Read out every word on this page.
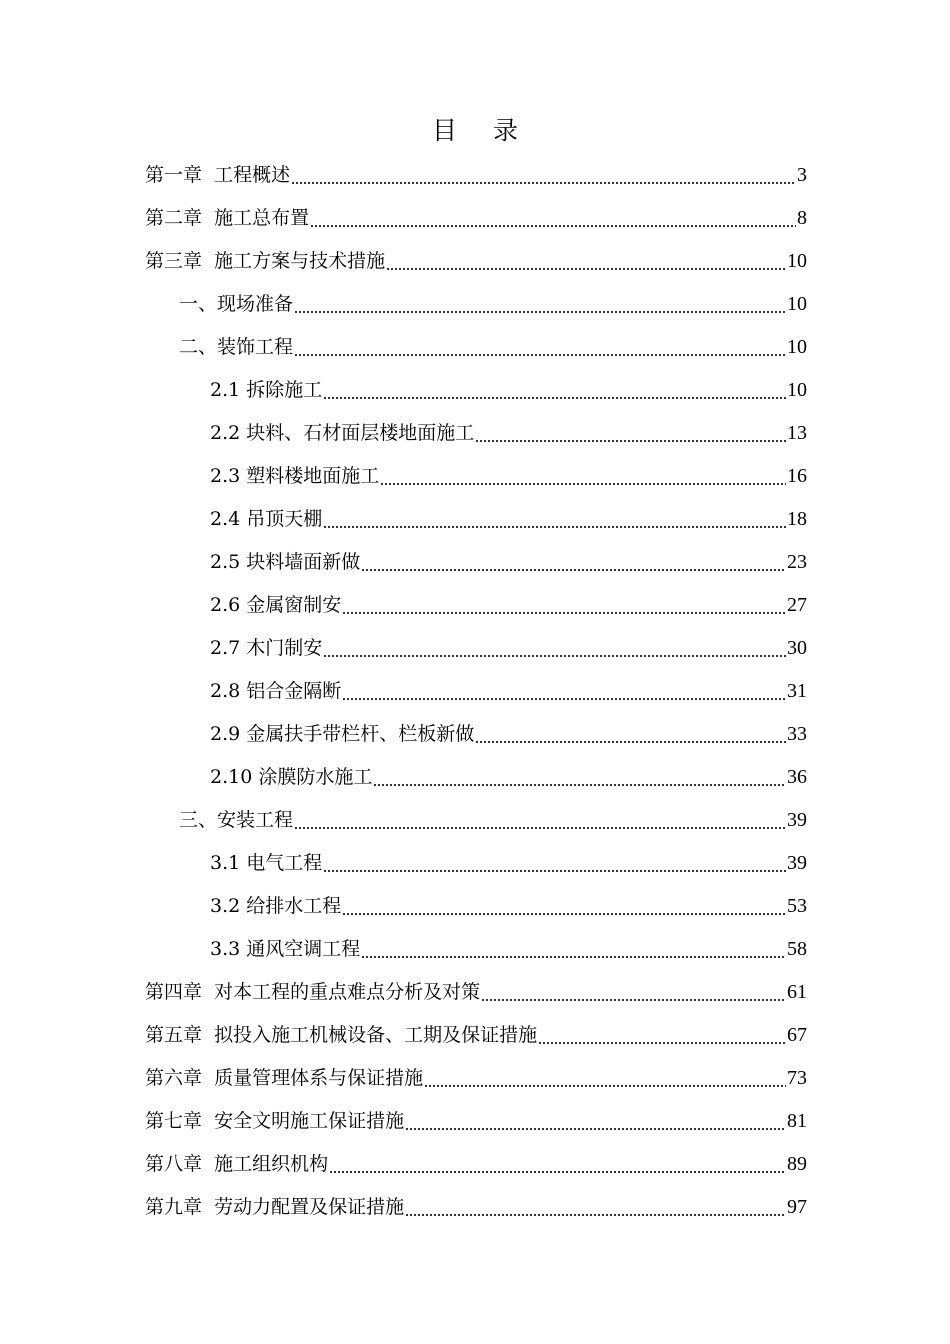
目 录
第一章  工程概述	3
第二章  施工总布置	8
第三章  施工方案与技术措施	10
一、现场准备	10
二、装饰工程	10
2.1 拆除施工	10
2.2 块料、石材面层楼地面施工	13
2.3 塑料楼地面施工	16
2.4 吊顶天棚	18
2.5 块料墙面新做	23
2.6 金属窗制安	27
2.7 木门制安	30
2.8 铝合金隔断	31
2.9 金属扶手带栏杆、栏板新做	33
2.10 涂膜防水施工	36
三、安装工程	39
3.1 电气工程	39
3.2 给排水工程	53
3.3 通风空调工程	58
第四章  对本工程的重点难点分析及对策	61
第五章  拟投入施工机械设备、工期及保证措施	67
第六章  质量管理体系与保证措施	73
第七章  安全文明施工保证措施	81
第八章  施工组织机构	89
第九章  劳动力配置及保证措施	97
